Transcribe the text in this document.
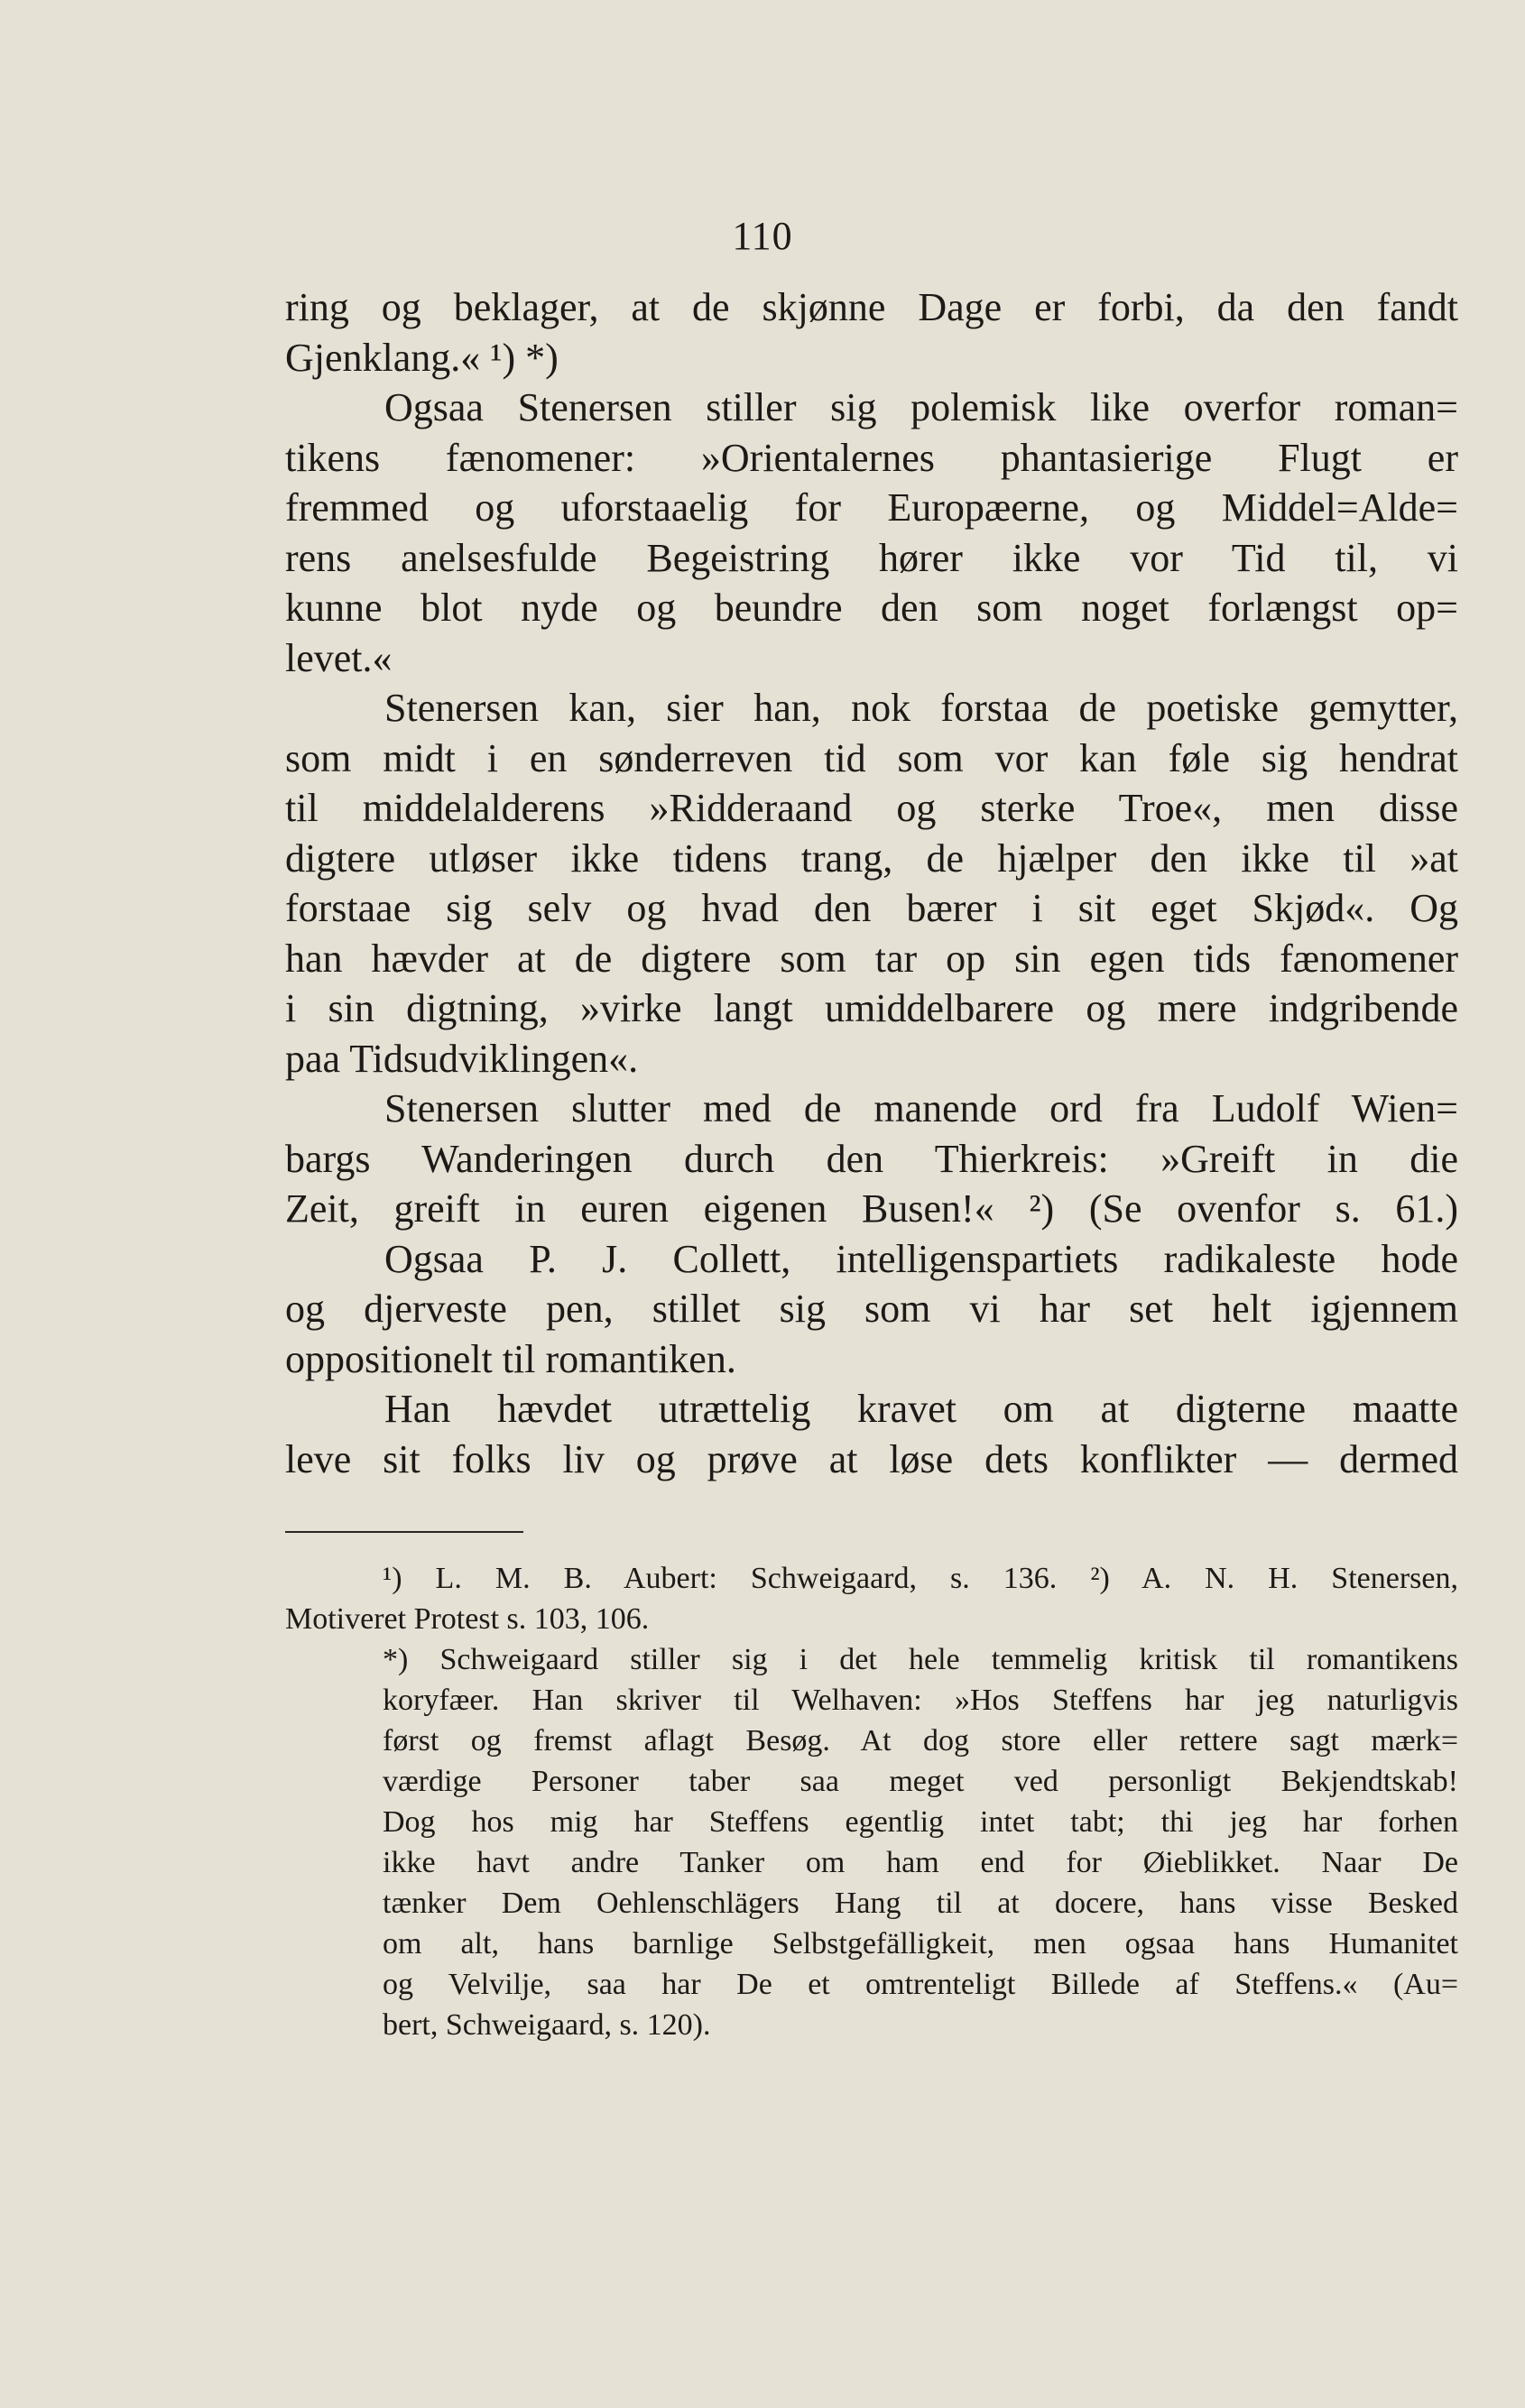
110
ring og beklager, at de skjønne Dage er forbi, da den fandt
Gjenklang.« ¹) *)
Ogsaa Stenersen stiller sig polemisk like overfor roman=
tikens fænomener: »Orientalernes phantasierige Flugt er
fremmed og uforstaaelig for Europæerne, og Middel=Alde=
rens anelsesfulde Begeistring hører ikke vor Tid til, vi
kunne blot nyde og beundre den som noget forlængst op=
levet.«
Stenersen kan, sier han, nok forstaa de poetiske gemytter,
som midt i en sønderreven tid som vor kan føle sig hendrat
til middelalderens »Ridderaand og sterke Troe«, men disse
digtere utløser ikke tidens trang, de hjælper den ikke til »at
forstaae sig selv og hvad den bærer i sit eget Skjød«. Og
han hævder at de digtere som tar op sin egen tids fænomener
i sin digtning, »virke langt umiddelbarere og mere indgribende
paa Tidsudviklingen«.
Stenersen slutter med de manende ord fra Ludolf Wien=
bargs Wanderingen durch den Thierkreis: »Greift in die
Zeit, greift in euren eigenen Busen!« ²) (Se ovenfor s. 61.)
Ogsaa P. J. Collett, intelligenspartiets radikaleste hode
og djerveste pen, stillet sig som vi har set helt igjennem
oppositionelt til romantiken.
Han hævdet utrættelig kravet om at digterne maatte
leve sit folks liv og prøve at løse dets konflikter — dermed
¹) L. M. B. Aubert: Schweigaard, s. 136. ²) A. N. H. Stenersen,
Motiveret Protest s. 103, 106.
*) Schweigaard stiller sig i det hele temmelig kritisk til romantikens
koryfæer. Han skriver til Welhaven: »Hos Steffens har jeg naturligvis
først og fremst aflagt Besøg. At dog store eller rettere sagt mærk=
værdige Personer taber saa meget ved personligt Bekjendtskab!
Dog hos mig har Steffens egentlig intet tabt; thi jeg har forhen
ikke havt andre Tanker om ham end for Øieblikket. Naar De
tænker Dem Oehlenschlägers Hang til at docere, hans visse Besked
om alt, hans barnlige Selbstgefälligkeit, men ogsaa hans Humanitet
og Velvilje, saa har De et omtrenteligt Billede af Steffens.« (Au=
bert, Schweigaard, s. 120).
